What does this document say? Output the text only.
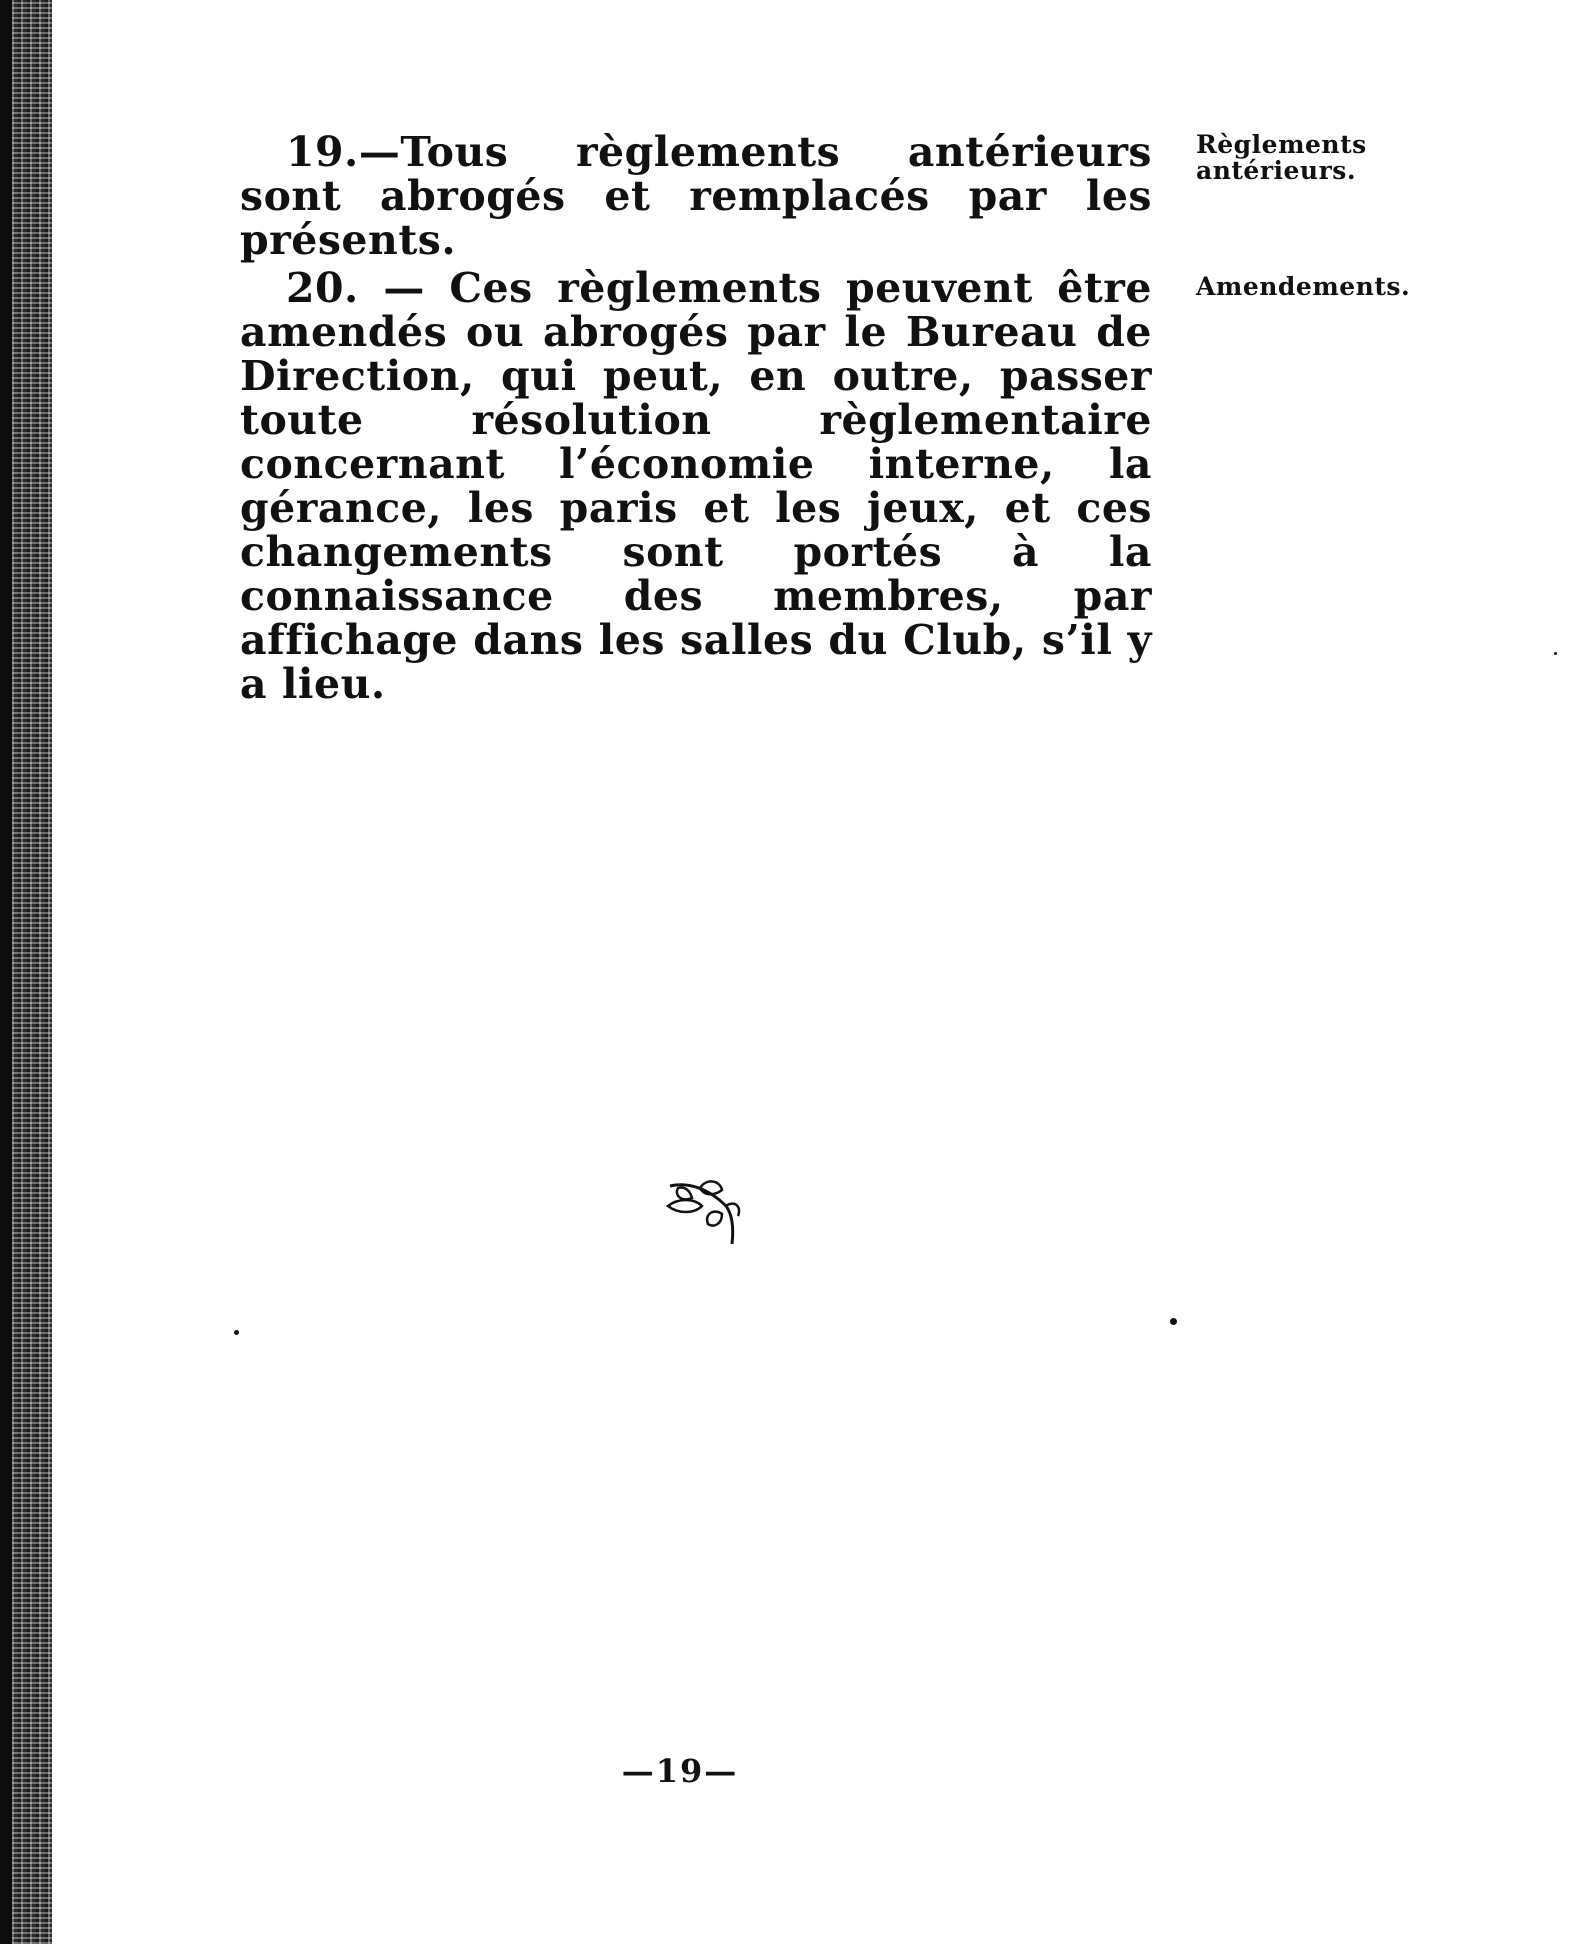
19.—Tous règlements antérieurs sont abrogés et remplacés par les présents.

Règlements
antérieurs.

20. — Ces règlements peuvent être amendés ou abrogés par le Bureau de Direction, qui peut, en outre, passer toute résolution règlementaire concernant l’économie interne, la gérance, les paris et les jeux, et ces changements sont portés à la connaissance des membres, par affichage dans les salles du Club, s’il y a lieu.

Amendements.
—19—
